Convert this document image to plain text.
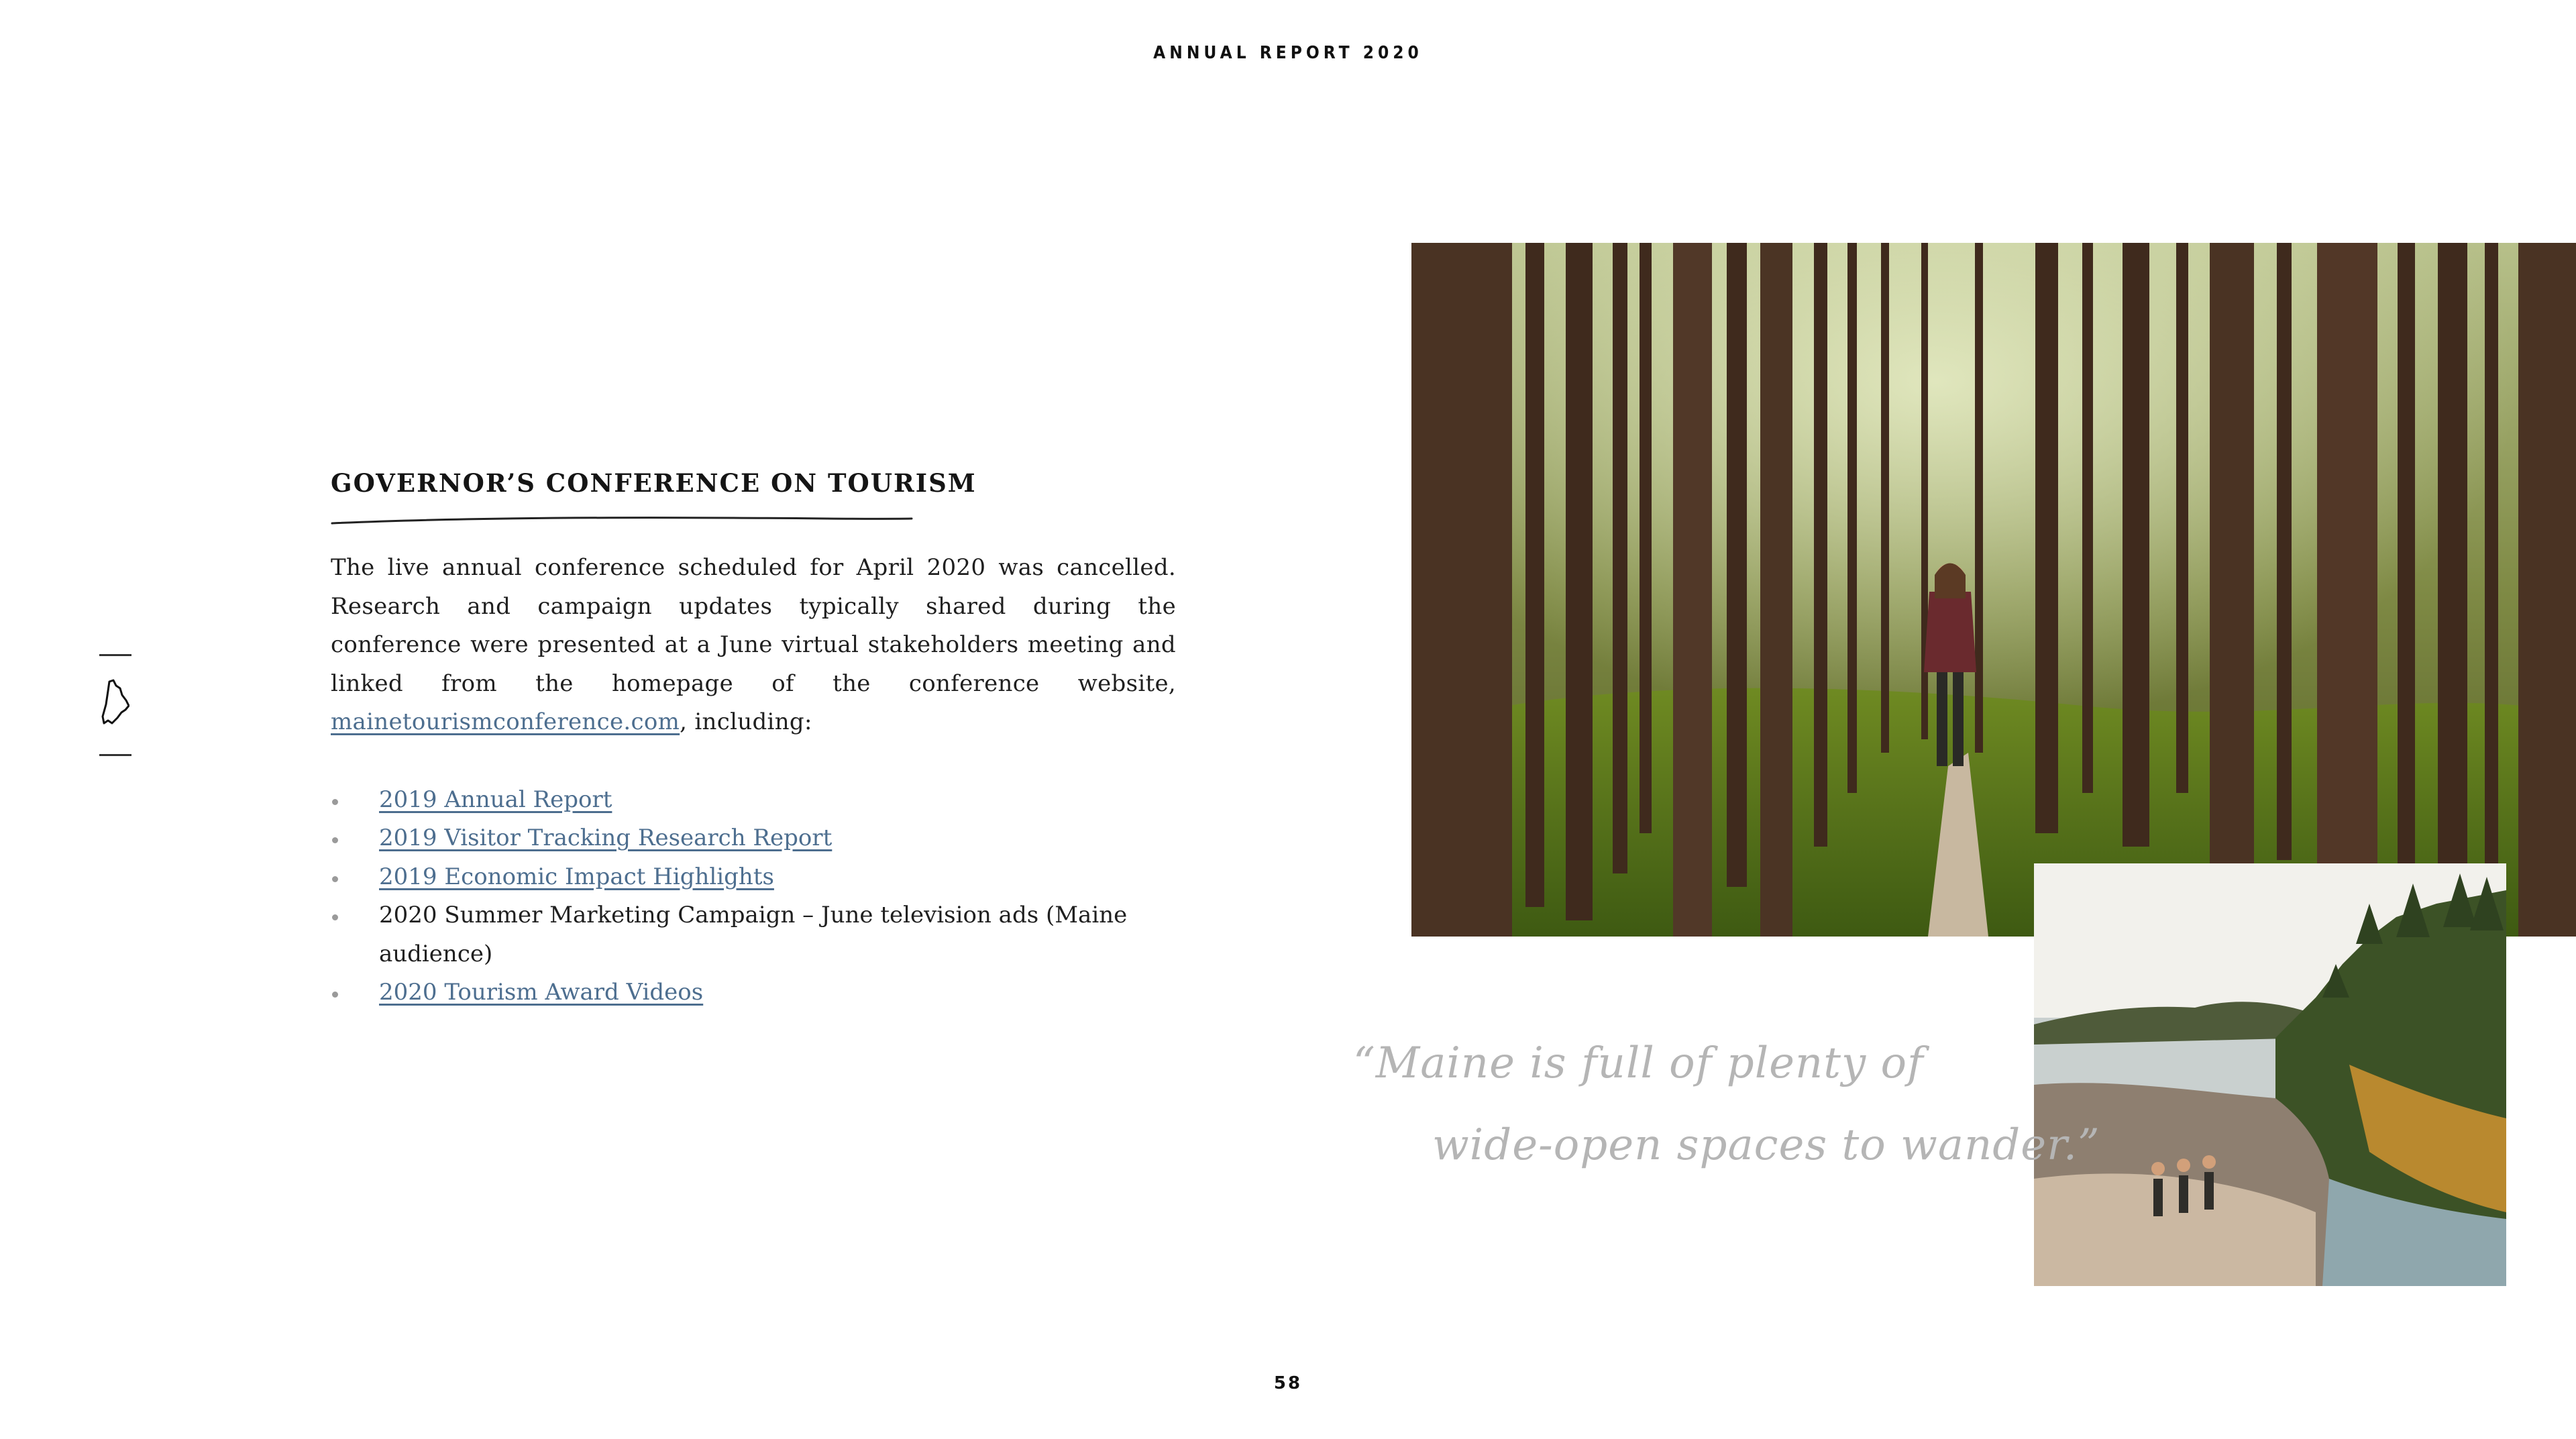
ANNUAL REPORT 2020
GOVERNOR’S CONFERENCE ON TOURISM

The live annual conference scheduled for April 2020 was cancelled. Research and campaign updates typically shared during the conference were presented at a June virtual stakeholders meeting and linked from the homepage of the conference website, mainetourismconference.com, including:

2019 Annual Report
2019 Visitor Tracking Research Report
2019 Economic Impact Highlights
2020 Summer Marketing Campaign – June television ads (Maine audience)
2020 Tourism Award Videos
“Maine is full of plenty of
wide-open spaces to wander.”
58
